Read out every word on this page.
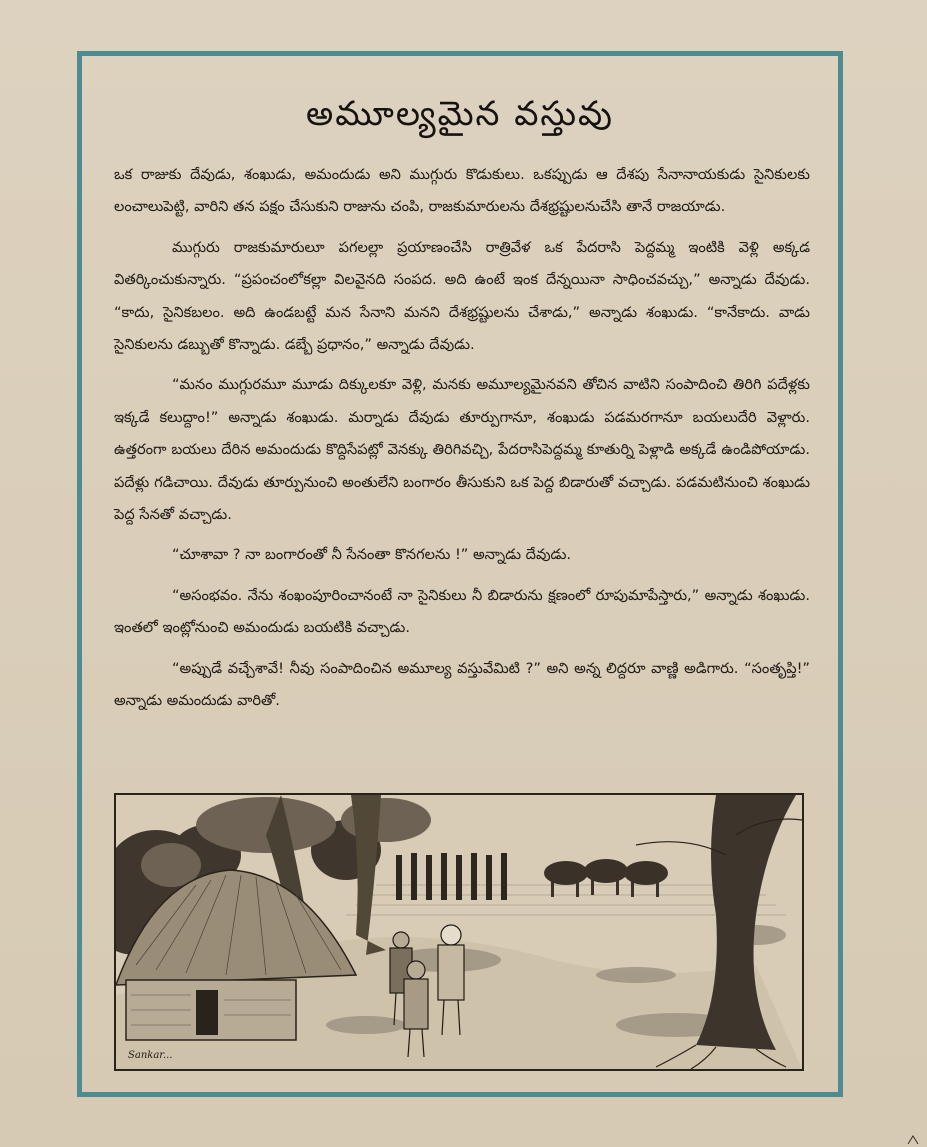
అమూల్యమైన వస్తువు

ఒక రాజుకు దేవుడు, శంఖుడు, అమందుడు అని ముగ్గురు కొడుకులు. ఒకప్పుడు ఆ దేశపు సేనానాయకుడు సైనికులకు లంచాలుపెట్టి, వారిని తన పక్షం చేసుకుని రాజును చంపి, రాజకుమారులను దేశభ్రష్టులనుచేసి తానే రాజయాడు.

ముగ్గురు రాజకుమారులూ పగలల్లా ప్రయాణంచేసి రాత్రివేళ ఒక పేదరాసి పెద్దమ్మ ఇంటికి వెళ్లి అక్కడ వితర్కించుకున్నారు. “ప్రపంచంలోకల్లా విలవైనది సంపద. అది ఉంటే ఇంక దేన్నయినా సాధించవచ్చు,” అన్నాడు దేవుడు. “కాదు, సైనికబలం. అది ఉండబట్టే మన సేనాని మనని దేశభ్రష్టులను చేశాడు,” అన్నాడు శంఖుడు. “కానేకాదు. వాడు సైనికులను డబ్బుతో కొన్నాడు. డబ్బే ప్రధానం,” అన్నాడు దేవుడు.

“మనం ముగ్గురమూ మూడు దిక్కులకూ వెళ్లి, మనకు అమూల్యమైనవని తోచిన వాటిని సంపాదించి తిరిగి పదేళ్లకు ఇక్కడే కలుద్దాం!” అన్నాడు శంఖుడు. మర్నాడు దేవుడు తూర్పుగానూ, శంఖుడు పడమరగానూ బయలుదేరి వెళ్లారు. ఉత్తరంగా బయలు దేరిన అమందుడు కొద్దిసేపట్లో వెనక్కు తిరిగివచ్చి, పేదరాసిపెద్దమ్మ కూతుర్ని పెళ్లాడి అక్కడే ఉండిపోయాడు. పదేళ్లు గడిచాయి. దేవుడు తూర్పునుంచి అంతులేని బంగారం తీసుకుని ఒక పెద్ద బిడారుతో వచ్చాడు. పడమటినుంచి శంఖుడు పెద్ద సేనతో వచ్చాడు.

“చూశావా ? నా బంగారంతో నీ సేనంతా కొనగలను !” అన్నాడు దేవుడు.

“అసంభవం. నేను శంఖంపూరించానంటే నా సైనికులు నీ బిడారును క్షణంలో రూపుమాపేస్తారు,” అన్నాడు శంఖుడు. ఇంతలో ఇంట్లోనుంచి అమందుడు బయటికి వచ్చాడు.

“అప్పుడే వచ్చేశావే! నీవు సంపాదించిన అమూల్య వస్తువేమిటి ?” అని అన్న లిద్దరూ వాణ్ణి అడిగారు. “సంతృప్తి!” అన్నాడు అమందుడు వారితో.

Sankar...
